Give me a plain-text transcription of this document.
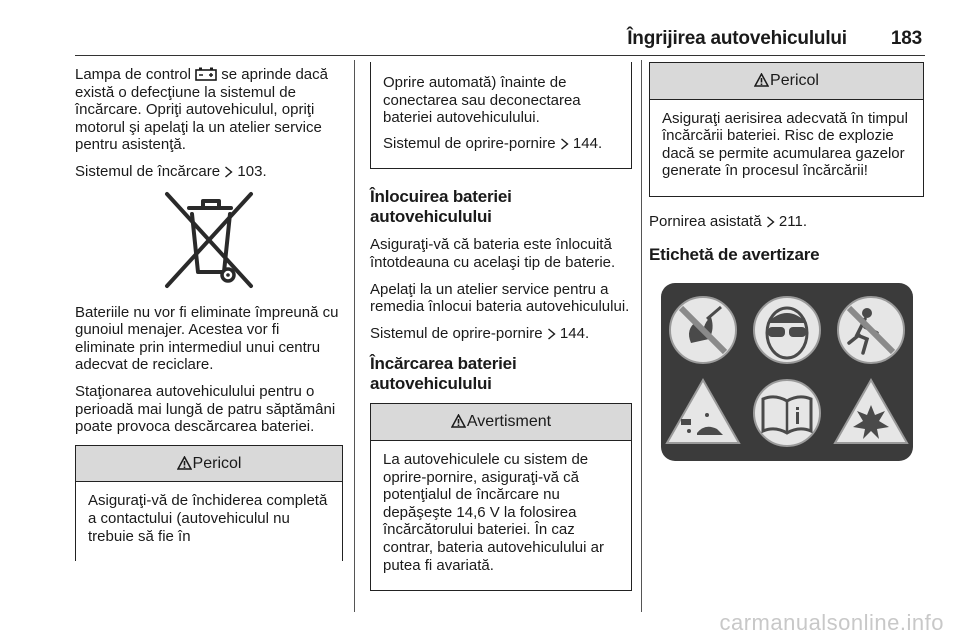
Îngrijirea autovehiculului 183

Lampa de control se aprinde dacă există o defecţiune la sistemul de încărcare. Opriţi autovehiculul, opriţi motorul şi apelaţi la un atelier service pentru asistenţă.

Sistemul de încărcare 103.

Bateriile nu vor fi eliminate împreună cu gunoiul menajer. Acestea vor fi eliminate prin intermediul unui centru adecvat de reciclare.

Staţionarea autovehiculului pentru o perioadă mai lungă de patru săptămâni poate provoca descărcarea bateriei.

Pericol

Asiguraţi-vă de închiderea completă a contactului (autovehiculul nu trebuie să fie în

Oprire automată) înainte de conectarea sau deconectarea bateriei autovehiculului.

Sistemul de oprire-pornire 144.

Înlocuirea bateriei autovehiculului

Asiguraţi-vă că bateria este înlocuită întotdeauna cu acelaşi tip de baterie.

Apelaţi la un atelier service pentru a remedia înlocui bateria autovehiculului.

Sistemul de oprire-pornire 144.

Încărcarea bateriei
autovehiculului
Avertisment

La autovehiculele cu sistem de oprire-pornire, asiguraţi-vă că potenţialul de încărcare nu depăşeşte 14,6 V la folosirea încărcătorului bateriei. În caz contrar, bateria autovehiculului ar putea fi avariată.

Pericol

Asiguraţi aerisirea adecvată în timpul încărcării bateriei. Risc de explozie dacă se permite acumularea gazelor generate în procesul încărcării!

Pornirea asistată 211.

Etichetă de avertizare
carmanualsonline.info
